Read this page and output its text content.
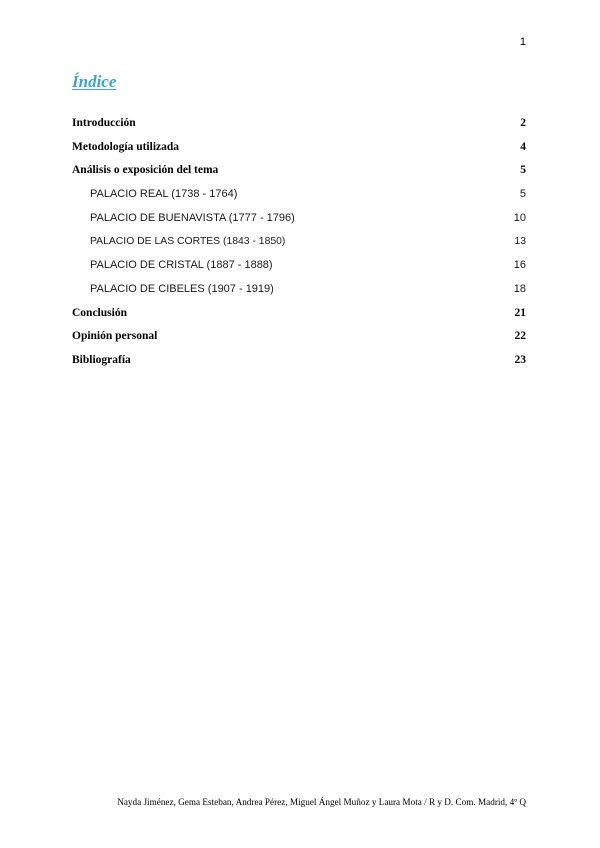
1
Índice
Introducción	2
Metodología utilizada	4
Análisis o exposición del tema	5
PALACIO REAL (1738 - 1764)	5
PALACIO DE BUENAVISTA (1777 - 1796)	10
PALACIO DE LAS CORTES (1843 - 1850)	13
PALACIO DE CRISTAL (1887 - 1888)	16
PALACIO DE CIBELES (1907 - 1919)	18
Conclusión	21
Opinión personal	22
Bibliografía	23
Nayda Jiménez, Gema Esteban, Andrea Pérez, Miguel Ángel Muñoz y Laura Mota / R y D. Com. Madrid, 4º Q
